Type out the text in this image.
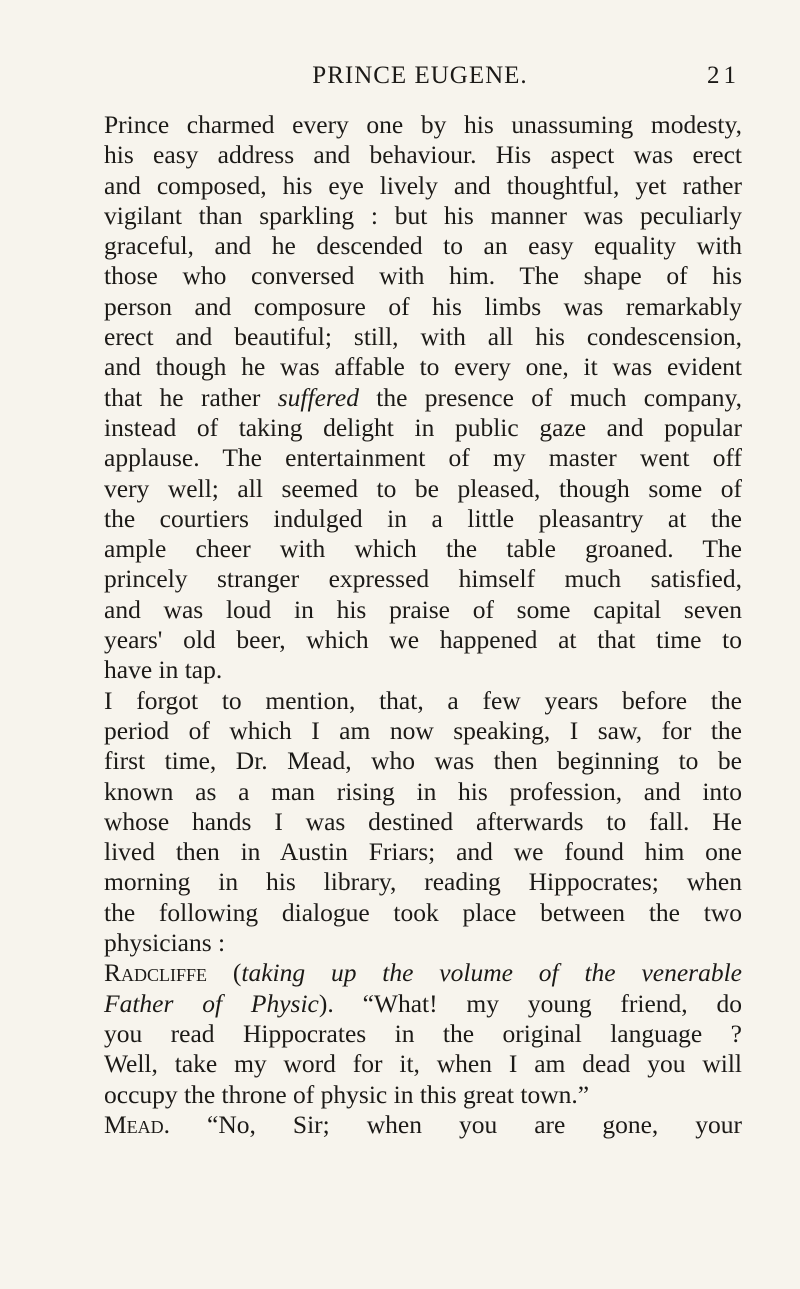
PRINCE EUGENE.	21
Prince charmed every one by his unassuming modesty,
his easy address and behaviour. His aspect was erect
and composed, his eye lively and thoughtful, yet rather
vigilant than sparkling : but his manner was peculiarly
graceful, and he descended to an easy equality with
those who conversed with him. The shape of his
person and composure of his limbs was remarkably
erect and beautiful; still, with all his condescension,
and though he was affable to every one, it was evident
that he rather suffered the presence of much company,
instead of taking delight in public gaze and popular
applause. The entertainment of my master went off
very well; all seemed to be pleased, though some of
the courtiers indulged in a little pleasantry at the
ample cheer with which the table groaned. The
princely stranger expressed himself much satisfied,
and was loud in his praise of some capital seven
years' old beer, which we happened at that time to
have in tap.
I forgot to mention, that, a few years before the
period of which I am now speaking, I saw, for the
first time, Dr. Mead, who was then beginning to be
known as a man rising in his profession, and into
whose hands I was destined afterwards to fall. He
lived then in Austin Friars; and we found him one
morning in his library, reading Hippocrates; when
the following dialogue took place between the two
physicians :
Radcliffe (taking up the volume of the venerable
Father of Physic). “What! my young friend, do
you read Hippocrates in the original language ?
Well, take my word for it, when I am dead you will
occupy the throne of physic in this great town.”
Mead. “No, Sir; when you are gone, your
